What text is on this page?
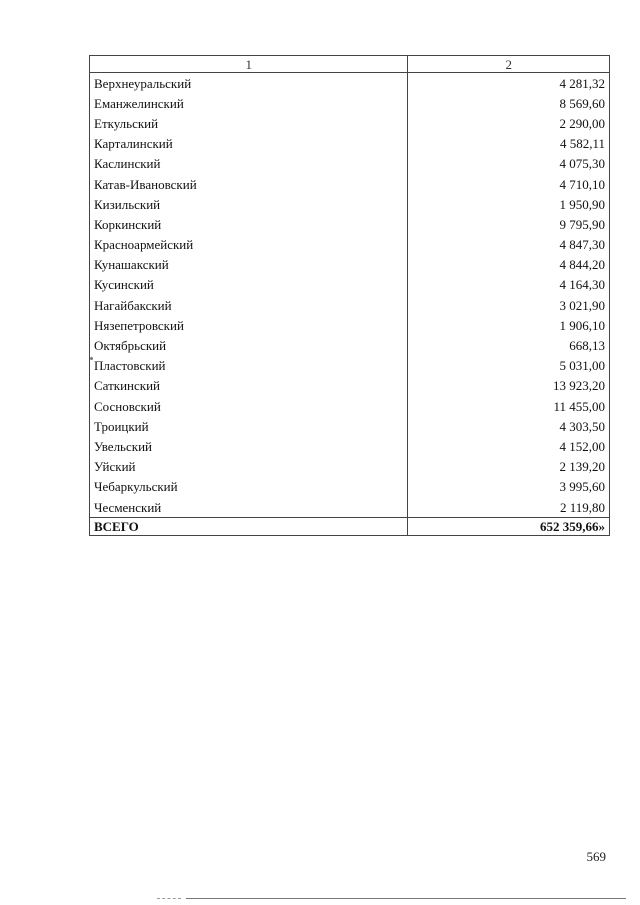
1	2
Верхнеуральский	4 281,32
Еманжелинский	8 569,60
Еткульский	2 290,00
Карталинский	4 582,11
Каслинский	4 075,30
Катав-Ивановский	4 710,10
Кизильский	1 950,90
Коркинский	9 795,90
Красноармейский	4 847,30
Кунашакский	4 844,20
Кусинский	4 164,30
Нагайбакский	3 021,90
Нязепетровский	1 906,10
Октябрьский	668,13
Пластовский	5 031,00
Саткинский	13 923,20
Сосновский	11 455,00
Троицкий	4 303,50
Увельский	4 152,00
Уйский	2 139,20
Чебаркульский	3 995,60
Чесменский	2 119,80
ВСЕГО	652 359,66»
569
